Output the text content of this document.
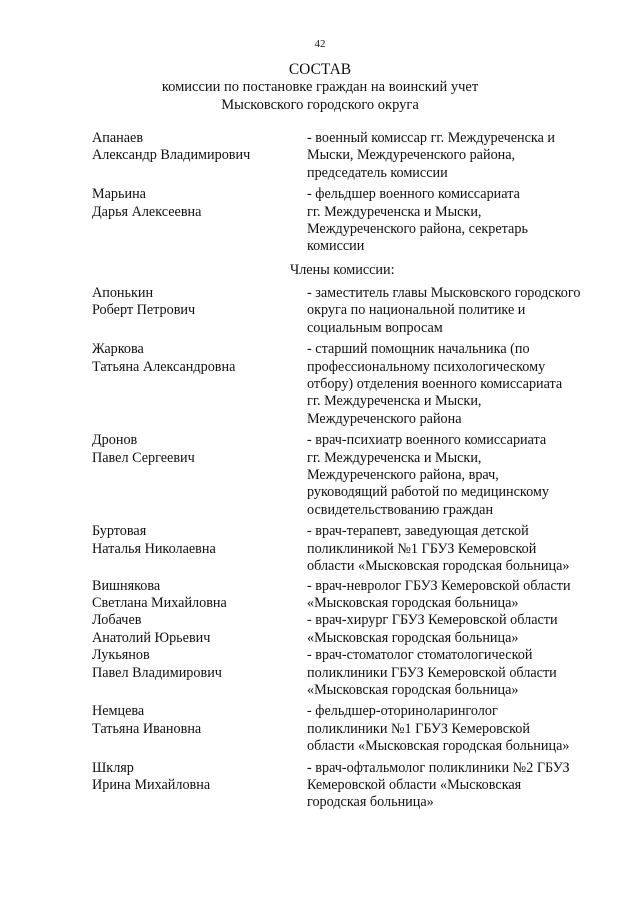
42
СОСТАВ
комиссии по постановке граждан на воинский учет
Мысковского городского округа
Апанаев
Александр Владимирович
- военный комиссар гг. Междуреченска и
Мыски, Междуреченского района,
председатель комиссии
Марьина
Дарья Алексеевна
- фельдшер военного комиссариата
гг. Междуреченска и Мыски,
Междуреченского района, секретарь
комиссии
Члены комиссии:
Апонькин
Роберт Петрович
- заместитель главы Мысковского городского
округа по национальной политике и
социальным вопросам
Жаркова
Татьяна Александровна
- старший помощник начальника (по
профессиональному психологическому
отбору) отделения военного комиссариата
гг. Междуреченска и Мыски,
Междуреченского района
Дронов
Павел Сергеевич
- врач-психиатр военного комиссариата
гг. Междуреченска и Мыски,
Междуреченского района, врач,
руководящий работой по медицинскому
освидетельствованию граждан
Буртовая
Наталья Николаевна
- врач-терапевт, заведующая детской
поликлиникой №1 ГБУЗ Кемеровской
области «Мысковская городская больница»
Вишнякова
Светлана Михайловна
- врач-невролог ГБУЗ Кемеровской области
«Мысковская городская больница»
Лобачев
Анатолий Юрьевич
- врач-хирург ГБУЗ Кемеровской области
«Мысковская городская больница»
Лукьянов
Павел Владимирович
- врач-стоматолог стоматологической
поликлиники ГБУЗ Кемеровской области
«Мысковская городская больница»
Немцева
Татьяна Ивановна
- фельдшер-оториноларинголог
поликлиники №1 ГБУЗ Кемеровской
области «Мысковская городская больница»
Шкляр
Ирина Михайловна
- врач-офтальмолог поликлиники №2 ГБУЗ
Кемеровской области «Мысковская
городская больница»
